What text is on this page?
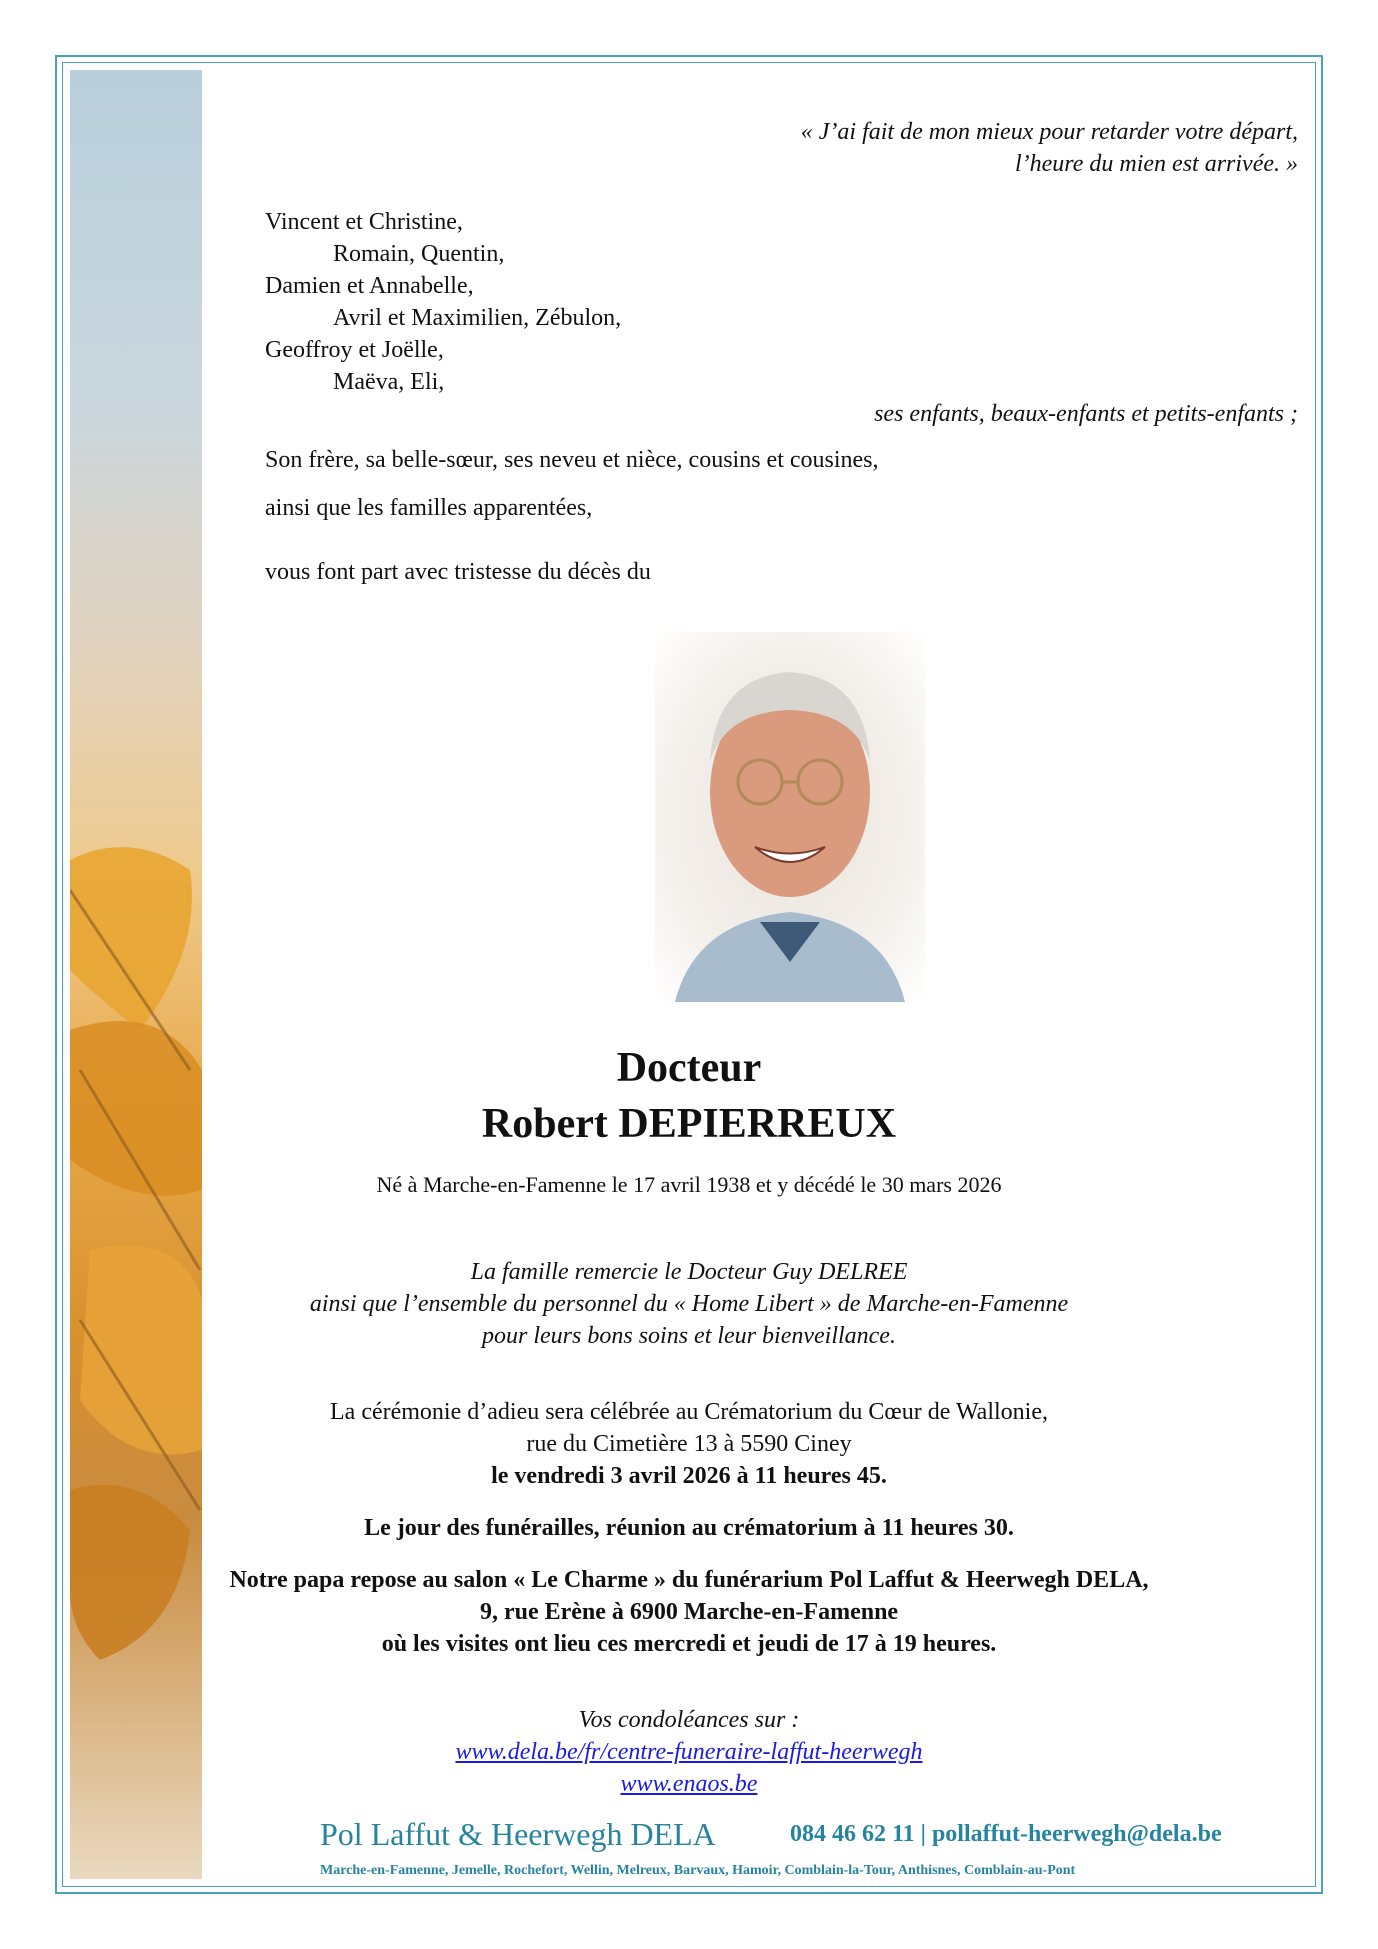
« J’ai fait de mon mieux pour retarder votre départ,

l’heure du mien est arrivée. »

Vincent et Christine,

Romain, Quentin,

Damien et Annabelle,

Avril et Maximilien, Zébulon,

Geoffroy et Joëlle,

Maëva, Eli,

ses enfants, beaux-enfants et petits-enfants ;

Son frère, sa belle-sœur, ses neveu et nièce, cousins et cousines,

ainsi que les familles apparentées,

vous font part avec tristesse du décès du

Docteur

Robert DEPIERREUX

Né à Marche-en-Famenne le 17 avril 1938 et y décédé le 30 mars 2026

La famille remercie le Docteur Guy DELREE

ainsi que l’ensemble du personnel du « Home Libert » de Marche-en-Famenne

pour leurs bons soins et leur bienveillance.

La cérémonie d’adieu sera célébrée au Crématorium du Cœur de Wallonie,

rue du Cimetière 13 à 5590 Ciney

le vendredi 3 avril 2026 à 11 heures 45.

Le jour des funérailles, réunion au crématorium à 11 heures 30.

Notre papa repose au salon « Le Charme » du funérarium Pol Laffut & Heerwegh DELA,

9, rue Erène à 6900 Marche-en-Famenne

où les visites ont lieu ces mercredi et jeudi de 17 à 19 heures.

Vos condoléances sur :

www.dela.be/fr/centre-funeraire-laffut-heerwegh

www.enaos.be

Pol Laffut & Heerwegh DELA	084 46 62 11 | pollaffut-heerwegh@dela.be
Marche-en-Famenne, Jemelle, Rochefort, Wellin, Melreux, Barvaux, Hamoir, Comblain-la-Tour, Anthisnes, Comblain-au-Pont
